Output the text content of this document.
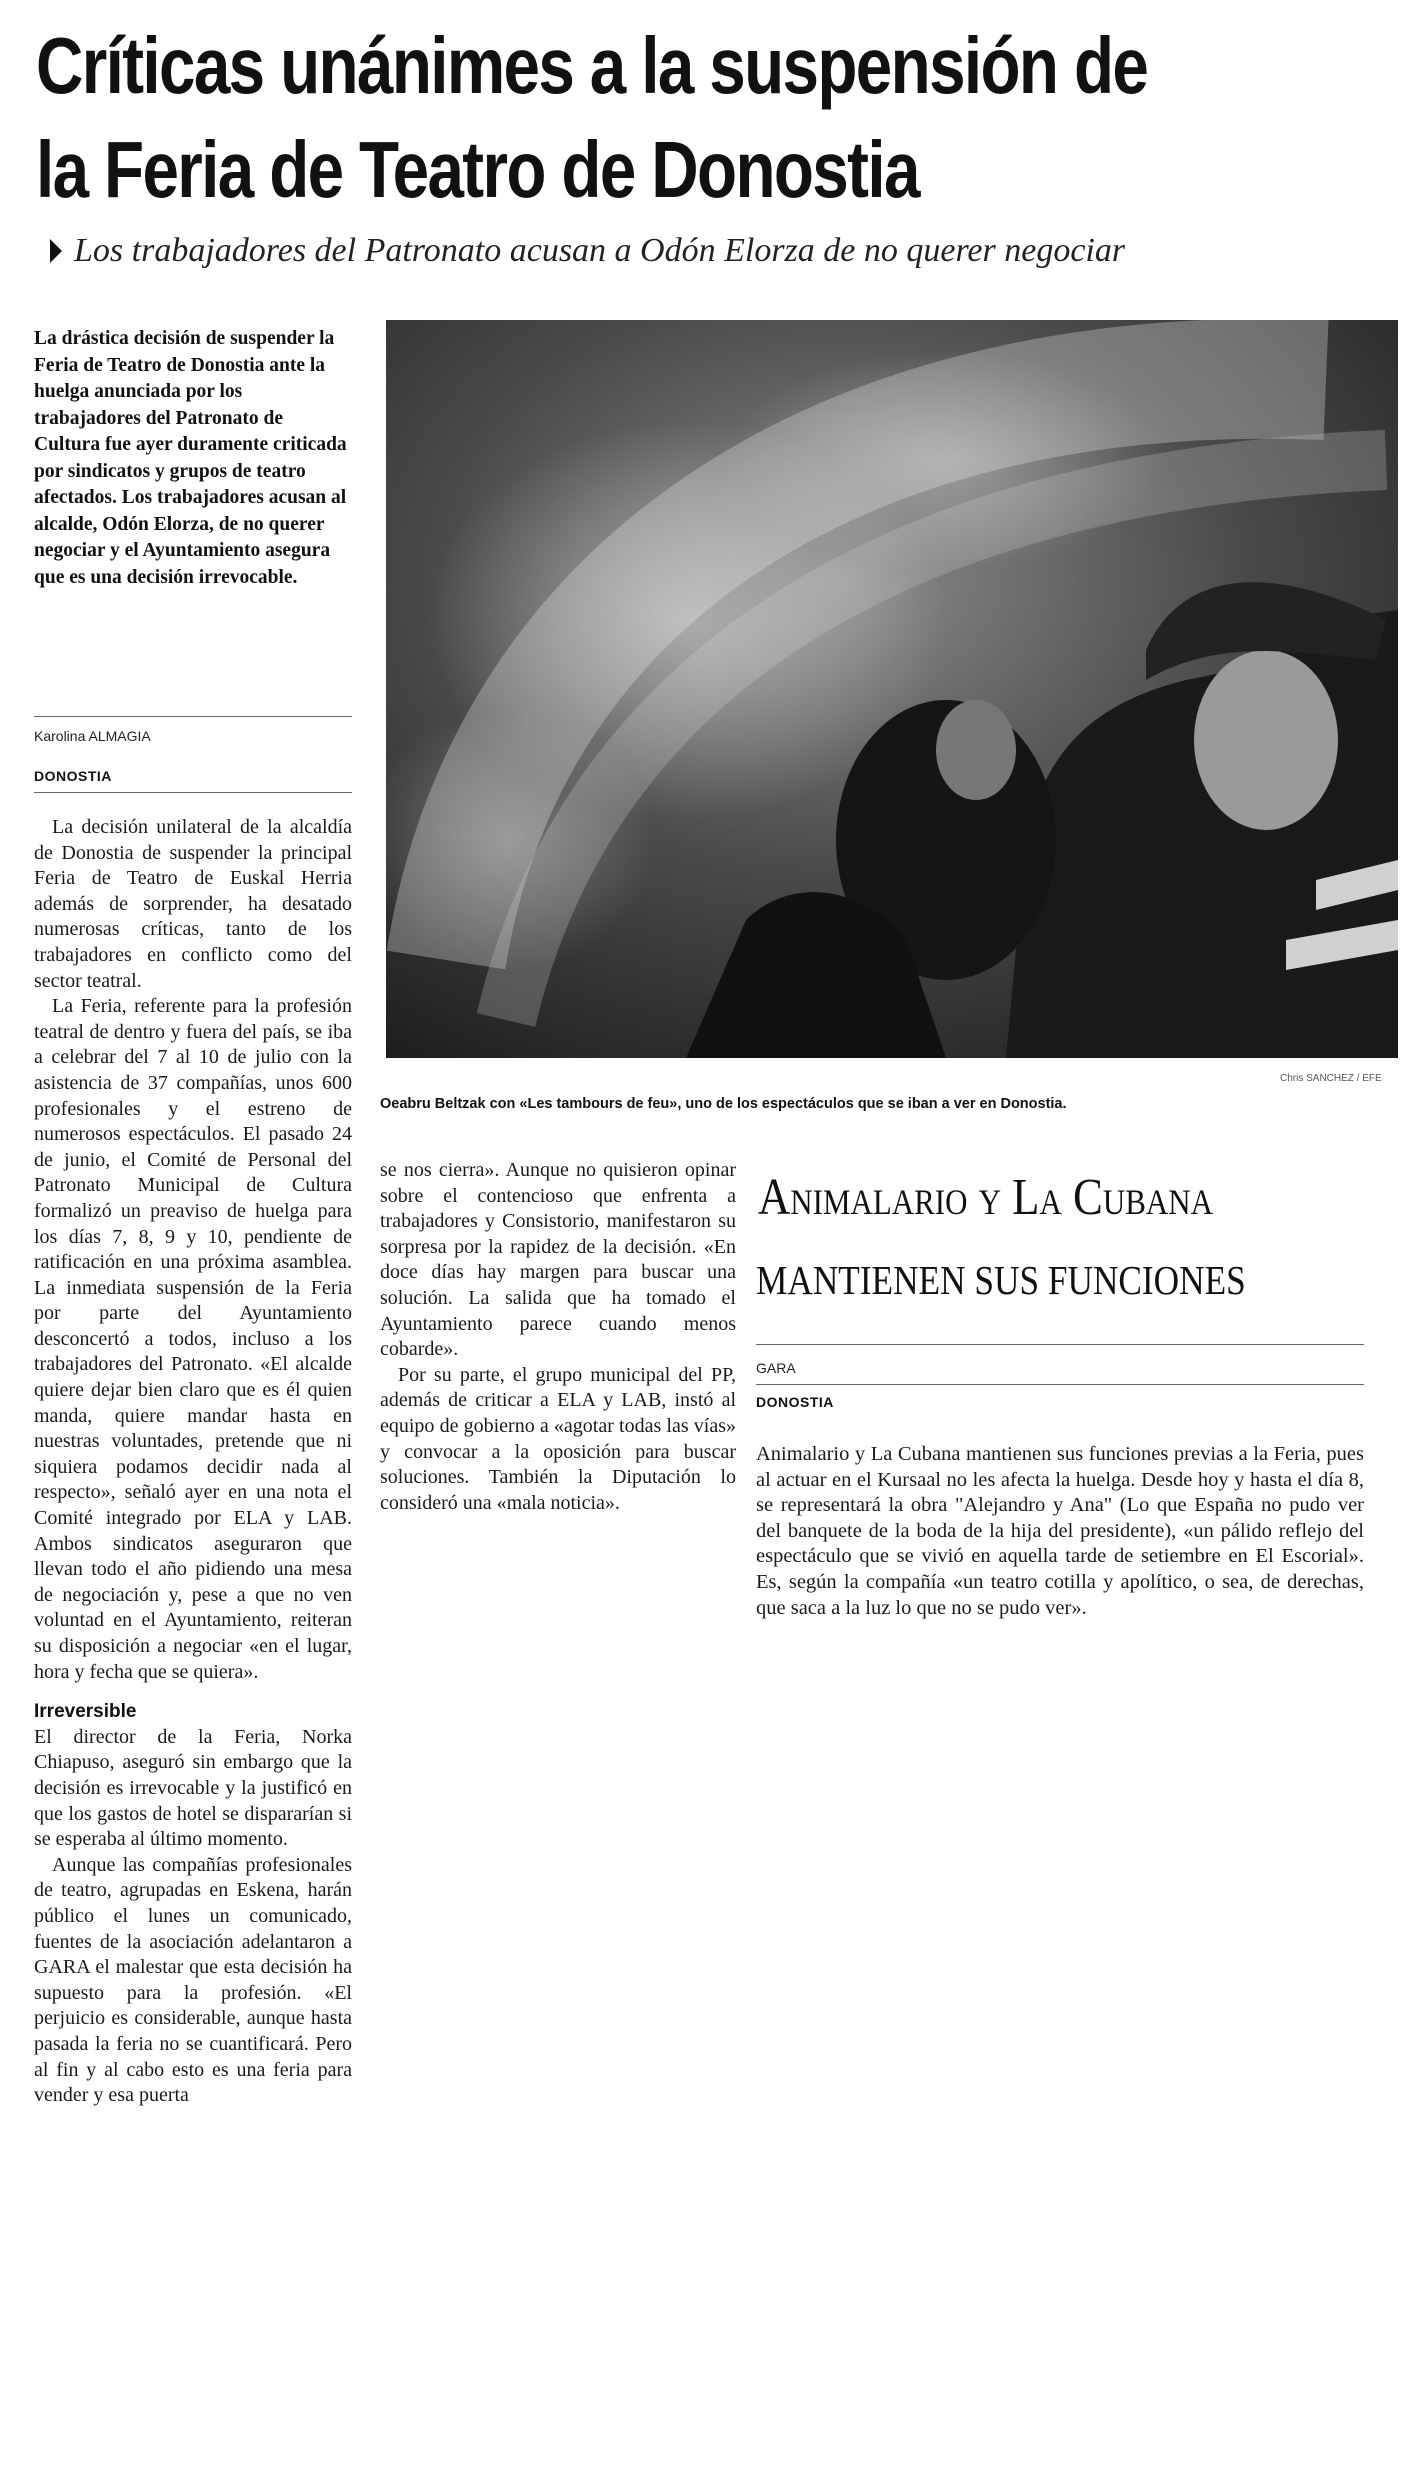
Críticas unánimes a la suspensión de
la Feria de Teatro de Donostia
Los trabajadores del Patronato acusan a Odón Elorza de no querer negociar
La drástica decisión de suspender la Feria de Teatro de Donostia ante la huelga anunciada por los trabajadores del Patronato de Cultura fue ayer duramente criticada por sindicatos y grupos de teatro afectados. Los trabajadores acusan al alcalde, Odón Elorza, de no querer negociar y el Ayuntamiento asegura que es una decisión irrevocable.
Karolina ALMAGIA
DONOSTIA

La decisión unilateral de la alcaldía de Donostia de suspender la principal Feria de Teatro de Euskal Herria además de sorprender, ha desatado numerosas críticas, tanto de los trabajadores en conflicto como del sector teatral.

La Feria, referente para la profesión teatral de dentro y fuera del país, se iba a celebrar del 7 al 10 de julio con la asistencia de 37 compañías, unos 600 profesionales y el estreno de numerosos espectáculos. El pasado 24 de junio, el Comité de Personal del Patronato Municipal de Cultura formalizó un preaviso de huelga para los días 7, 8, 9 y 10, pendiente de ratificación en una próxima asamblea. La inmediata suspensión de la Feria por parte del Ayuntamiento desconcertó a todos, incluso a los trabajadores del Patronato. «El alcalde quiere dejar bien claro que es él quien manda, quiere mandar hasta en nuestras voluntades, pretende que ni siquiera podamos decidir nada al respecto», señaló ayer en una nota el Comité integrado por ELA y LAB. Ambos sindicatos aseguraron que llevan todo el año pidiendo una mesa de negociación y, pese a que no ven voluntad en el Ayuntamiento, reiteran su disposición a negociar «en el lugar, hora y fecha que se quiera».

Irreversible

El director de la Feria, Norka Chiapuso, aseguró sin embargo que la decisión es irrevocable y la justificó en que los gastos de hotel se dispararían si se esperaba al último momento.

Aunque las compañías profesionales de teatro, agrupadas en Eskena, harán público el lunes un comunicado, fuentes de la asociación adelantaron a GARA el malestar que esta decisión ha supuesto para la profesión. «El perjuicio es considerable, aunque hasta pasada la feria no se cuantificará. Pero al fin y al cabo esto es una feria para vender y esa puerta

se nos cierra». Aunque no quisieron opinar sobre el contencioso que enfrenta a trabajadores y Consistorio, manifestaron su sorpresa por la rapidez de la decisión. «En doce días hay margen para buscar una solución. La salida que ha tomado el Ayuntamiento parece cuando menos cobarde».

Por su parte, el grupo municipal del PP, además de criticar a ELA y LAB, instó al equipo de gobierno a «agotar todas las vías» y convocar a la oposición para buscar soluciones. También la Diputación lo consideró una «mala noticia».

Chris SANCHEZ / EFE
Oeabru Beltzak con «Les tambours de feu», uno de los espectáculos que se iban a ver en Donostia.
Animalario y La Cubana
MANTIENEN SUS FUNCIONES
GARA
DONOSTIA
Animalario y La Cubana mantienen sus funciones previas a la Feria, pues al actuar en el Kursaal no les afecta la huelga. Desde hoy y hasta el día 8, se representará la obra "Alejandro y Ana" (Lo que España no pudo ver del banquete de la boda de la hija del presidente), «un pálido reflejo del espectáculo que se vivió en aquella tarde de setiembre en El Escorial». Es, según la compañía «un teatro cotilla y apolítico, o sea, de derechas, que saca a la luz lo que no se pudo ver».
